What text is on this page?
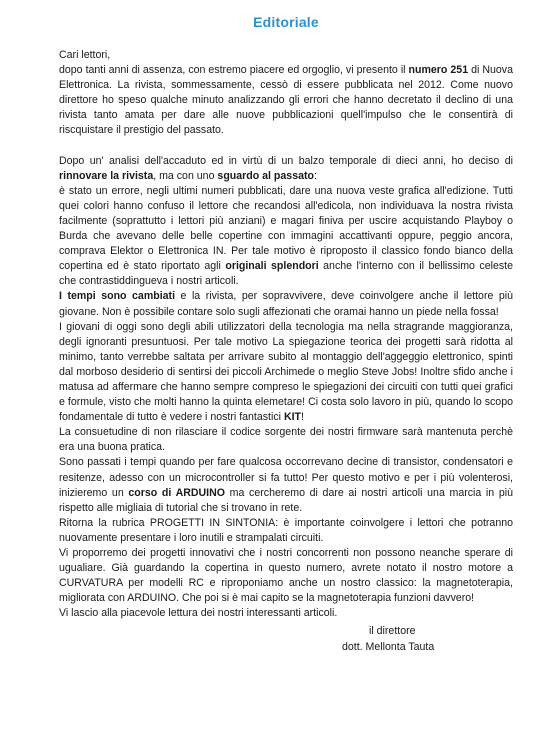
Editoriale
Cari lettori,
dopo tanti anni di assenza, con estremo piacere ed orgoglio, vi presento il numero 251 di Nuova Elettronica. La rivista, sommessamente, cessò di essere pubblicata nel 2012. Come nuovo direttore ho speso qualche minuto analizzando gli errori che hanno decretato il declino di una rivista tanto amata per dare alle nuove pubblicazioni quell'impulso che le consentirà di riscquistare il prestigio del passato.
Dopo un' analisi dell'accaduto ed in virtù di un balzo temporale di dieci anni, ho deciso di rinnovare la rivista, ma con uno sguardo al passato:
è stato un errore, negli ultimi numeri pubblicati, dare una nuova veste grafica all'edizione. Tutti quei colori hanno confuso il lettore che recandosi all'edicola, non individuava la nostra rivista facilmente (soprattutto i lettori più anziani) e magari finiva per uscire acquistando Playboy o Burda che avevano delle belle copertine con immagini accattivanti oppure, peggio ancora, comprava Elektor o Elettronica IN. Per tale motivo è riproposto il classico fondo bianco della copertina ed è stato riportato agli originali splendori anche l'interno con il bellissimo celeste che contrastiddingueva i nostri articoli.
I tempi sono cambiati e la rivista, per sopravvivere, deve coinvolgere anche il lettore più giovane. Non è possibile contare solo sugli affezionati che oramai hanno un piede nella fossa!
I giovani di oggi sono degli abili utilizzatori della tecnologia ma nella stragrande maggioranza, degli ignoranti presuntuosi. Per tale motivo La spiegazione teorica dei progetti sarà ridotta al minimo, tanto verrebbe saltata per arrivare subito al montaggio dell'aggeggio elettronico, spinti dal morboso desiderio di sentirsi dei piccoli Archimede o meglio Steve Jobs! Inoltre sfido anche i matusa ad affermare che hanno sempre compreso le spiegazioni dei circuiti con tutti quei grafici e formule, visto che molti hanno la quinta elemetare! Ci costa solo lavoro in più, quando lo scopo fondamentale di tutto è vedere i nostri fantastici KIT!
La consuetudine di non rilasciare il codice sorgente dei nostri firmware sarà mantenuta perchè era una buona pratica.
Sono passati i tempi quando per fare qualcosa occorrevano decine di transistor, condensatori e resitenze, adesso con un microcontroller si fa tutto! Per questo motivo e per i più volenterosi, inizieremo un corso di ARDUINO ma cercheremo di dare ai nostri articoli una marcia in più rispetto alle migliaia di tutorial che si trovano in rete.
Ritorna la rubrica PROGETTI IN SINTONIA: è importante coinvolgere i lettori che potranno nuovamente presentare i loro inutili e strampalati circuiti.
Vi proporremo dei progetti innovativi che i nostri concorrenti non possono neanche sperare di ugualiare. Già guardando la copertina in questo numero, avrete notato il nostro motore a CURVATURA per modelli RC e riproponiamo anche un nostro classico: la magnetoterapia, migliorata con ARDUINO. Che poi si è mai capito se la magnetoterapia funzioni davvero!
Vi lascio alla piacevole lettura dei nostri interessanti articoli.
il direttore
dott. Mellonta Tauta
